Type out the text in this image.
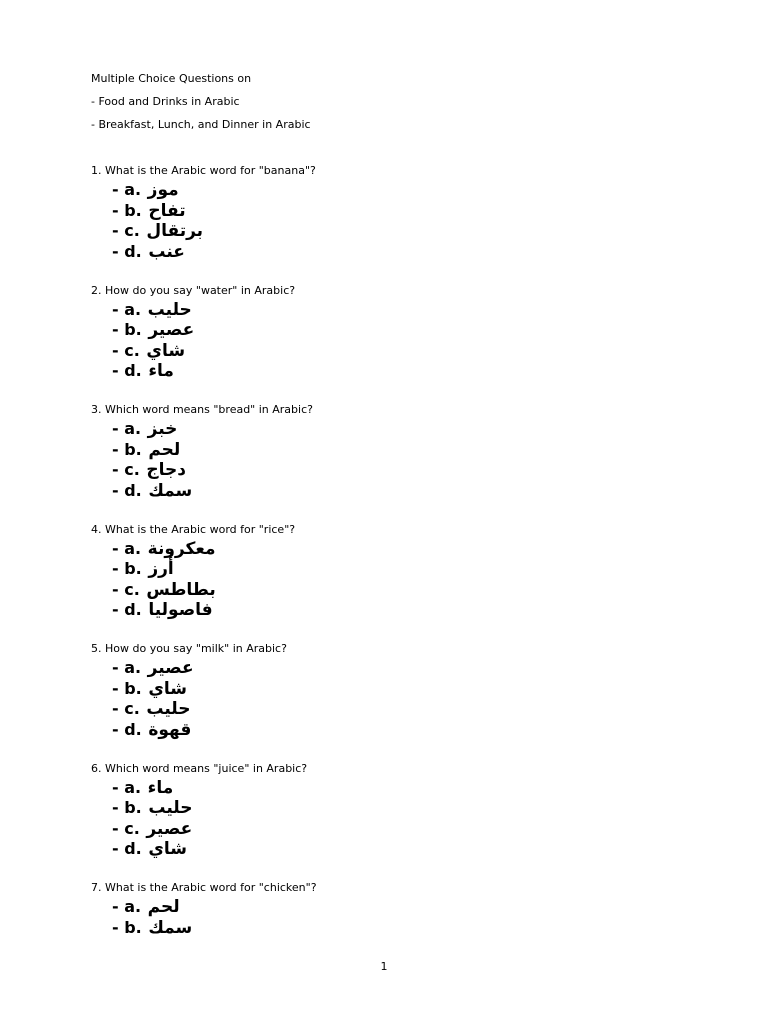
Multiple Choice Questions on
- Food and Drinks in Arabic
- Breakfast, Lunch, and Dinner in Arabic
1. What is the Arabic word for "banana"?
- a. موز
- b. تفاح
- c. برتقال
- d. عنب
2. How do you say "water" in Arabic?
- a. حليب
- b. عصير
- c. شاي
- d. ماء
3. Which word means "bread" in Arabic?
- a. خبز
- b. لحم
- c. دجاج
- d. سمك
4. What is the Arabic word for "rice"?
- a. معكرونة
- b. أرز
- c. بطاطس
- d. فاصوليا
5. How do you say "milk" in Arabic?
- a. عصير
- b. شاي
- c. حليب
- d. قهوة
6. Which word means "juice" in Arabic?
- a. ماء
- b. حليب
- c. عصير
- d. شاي
7. What is the Arabic word for "chicken"?
- a. لحم
- b. سمك
1
